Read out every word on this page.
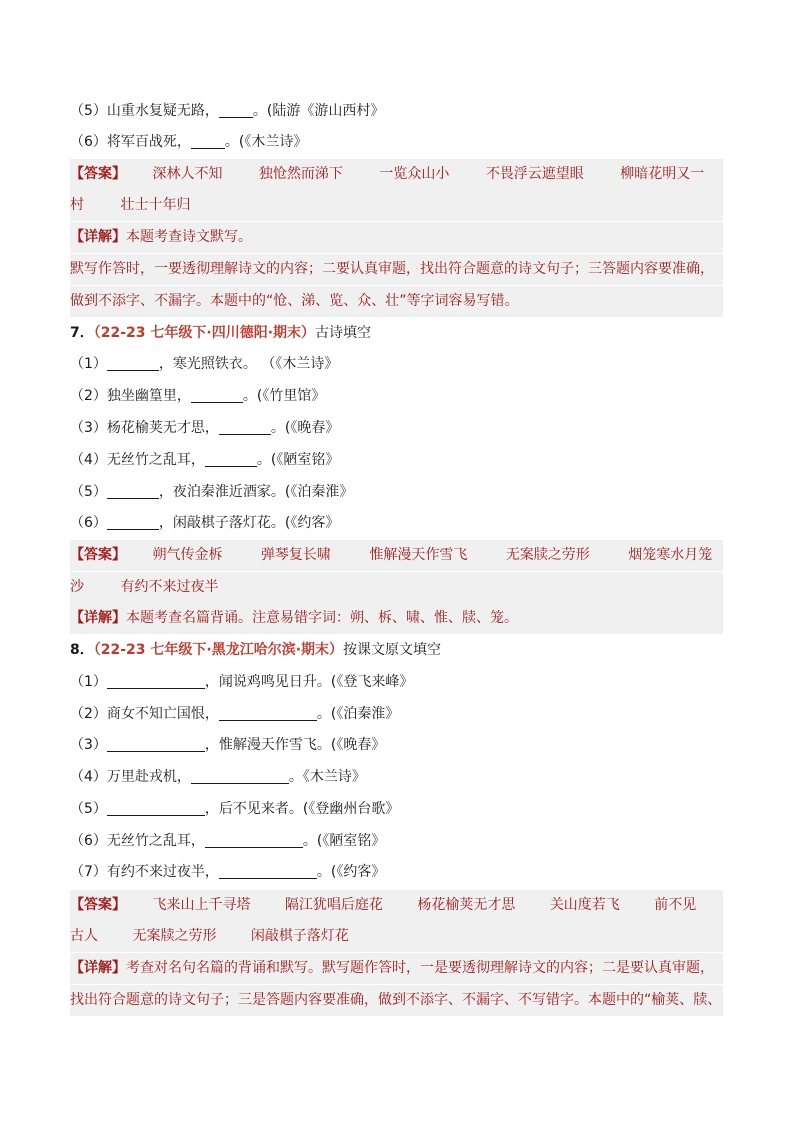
（5）山重水复疑无路， 。(陆游《游山西村》
（6）将军百战死， 。(《木兰诗》
【答案】 深林人不知	独怆然而涕下	一览众山小	不畏浮云遮望眼	柳暗花明又一
村	壮士十年归
【详解】本题考查诗文默写。
默写作答时，一要透彻理解诗文的内容；二要认真审题，找出符合题意的诗文句子；三答题内容要准确，
做到不添字、不漏字。本题中的“怆、涕、览、众、壮”等字词容易写错。
7．（22-23 七年级下·四川德阳·期末）古诗填空
（1）	，寒光照铁衣。 （《木兰诗》
（2）独坐幽篁里，	。(《竹里馆》
（3）杨花榆荚无才思，	。(《晚春》
（4）无丝竹之乱耳，	。(《陋室铭》
（5）	，夜泊秦淮近酒家。(《泊秦淮》
（6）	，闲敲棋子落灯花。(《约客》
【答案】 朔气传金柝	弹琴复长啸	惟解漫天作雪飞	无案牍之劳形	烟笼寒水月笼
沙	有约不来过夜半
【详解】本题考查名篇背诵。注意易错字词：朔、柝、啸、惟、牍、笼。
8．（22-23 七年级下·黑龙江哈尔滨·期末）按课文原文填空
（1）	，闻说鸡鸣见日升。(《登飞来峰》
（2）商女不知亡国恨，	。(《泊秦淮》
（3）	，惟解漫天作雪飞。(《晚春》
（4）万里赴戎机，	。《木兰诗》
（5）	，后不见来者。(《登幽州台歌》
（6）无丝竹之乱耳，	。(《陋室铭》
（7）有约不来过夜半，	。(《约客》
【答案】 飞来山上千寻塔 隔江犹唱后庭花 杨花榆荚无才思 关山度若飞 前不见
古人 无案牍之劳形 闲敲棋子落灯花
【详解】考查对名句名篇的背诵和默写。默写题作答时，一是要透彻理解诗文的内容；二是要认真审题，
找出符合题意的诗文句子；三是答题内容要准确，做到不添字、不漏字、不写错字。本题中的“榆荚、牍、
